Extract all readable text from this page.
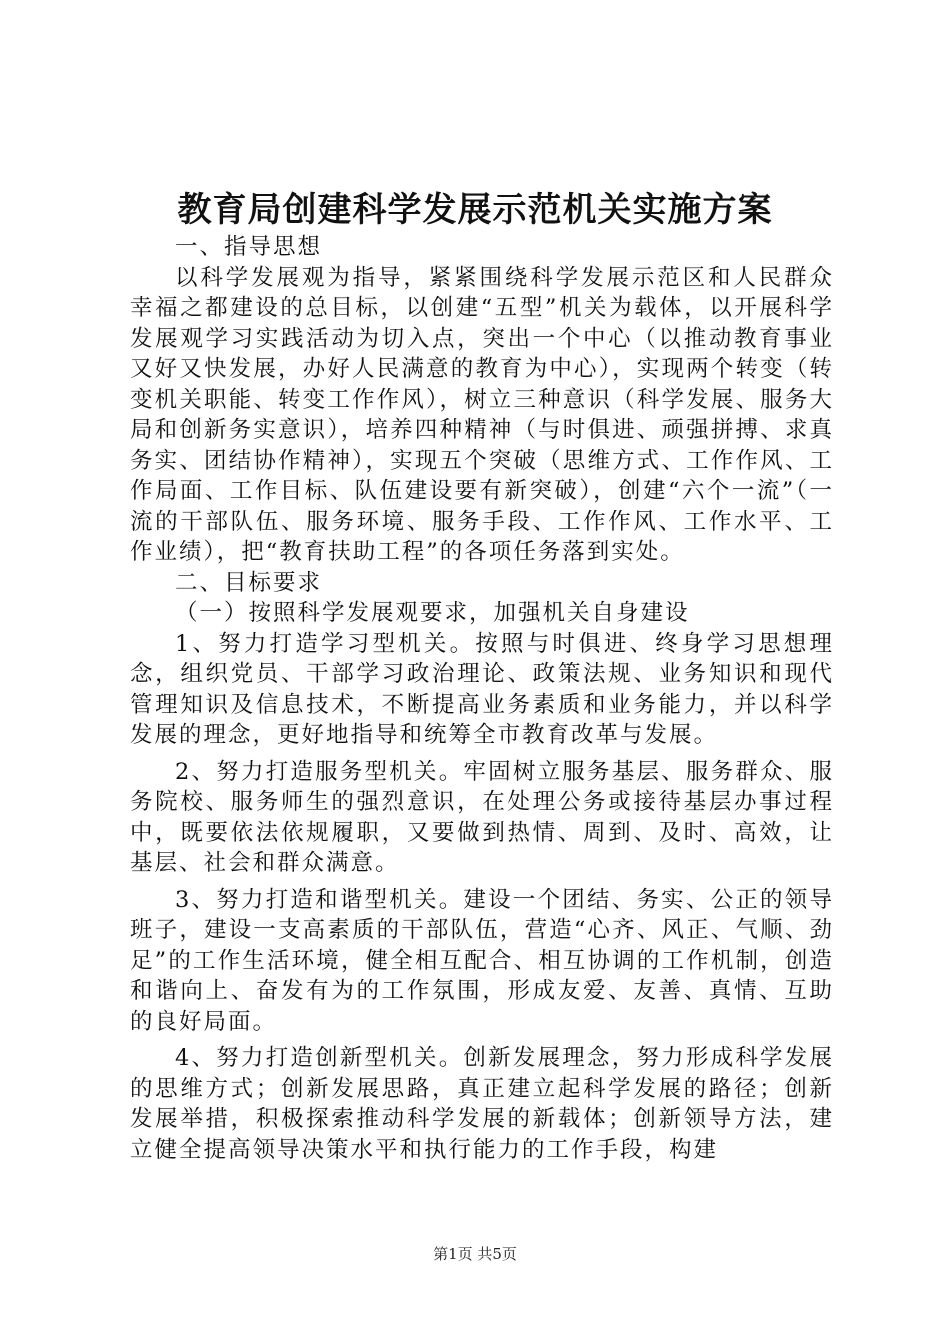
教育局创建科学发展示范机关实施方案

一、指导思想

以科学发展观为指导，紧紧围绕科学发展示范区和人民群众幸福之都建设的总目标，以创建“五型”机关为载体，以开展科学发展观学习实践活动为切入点，突出一个中心（以推动教育事业又好又快发展，办好人民满意的教育为中心），实现两个转变（转变机关职能、转变工作作风），树立三种意识（科学发展、服务大局和创新务实意识），培养四种精神（与时俱进、顽强拼搏、求真务实、团结协作精神），实现五个突破（思维方式、工作作风、工作局面、工作目标、队伍建设要有新突破），创建“六个一流”（一流的干部队伍、服务环境、服务手段、工作作风、工作水平、工作业绩），把“教育扶助工程”的各项任务落到实处。

二、目标要求

（一）按照科学发展观要求，加强机关自身建设

1、努力打造学习型机关。按照与时俱进、终身学习思想理念，组织党员、干部学习政治理论、政策法规、业务知识和现代管理知识及信息技术，不断提高业务素质和业务能力，并以科学发展的理念，更好地指导和统筹全市教育改革与发展。

2、努力打造服务型机关。牢固树立服务基层、服务群众、服务院校、服务师生的强烈意识，在处理公务或接待基层办事过程中，既要依法依规履职，又要做到热情、周到、及时、高效，让基层、社会和群众满意。

3、努力打造和谐型机关。建设一个团结、务实、公正的领导班子，建设一支高素质的干部队伍，营造“心齐、风正、气顺、劲足”的工作生活环境，健全相互配合、相互协调的工作机制，创造和谐向上、奋发有为的工作氛围，形成友爱、友善、真情、互助的良好局面。

4、努力打造创新型机关。创新发展理念，努力形成科学发展的思维方式；创新发展思路，真正建立起科学发展的路径；创新发展举措，积极探索推动科学发展的新载体；创新领导方法，建立健全提高领导决策水平和执行能力的工作手段，构建

第1页 共5页
